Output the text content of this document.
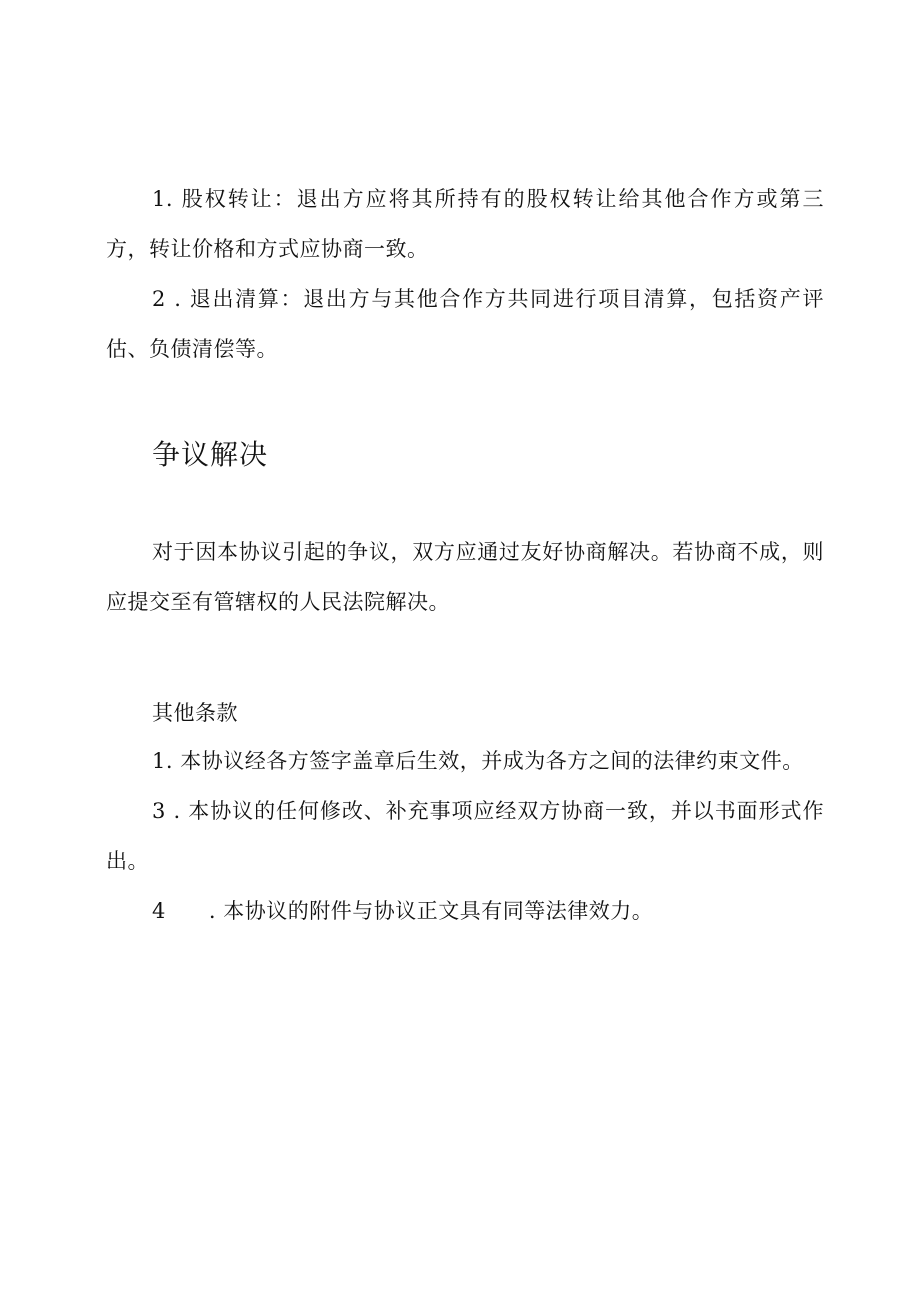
1. 股权转让：退出方应将其所持有的股权转让给其他合作方或第三方，转让价格和方式应协商一致。

2 . 退出清算：退出方与其他合作方共同进行项目清算，包括资产评估、负债清偿等。

争议解决

对于因本协议引起的争议，双方应通过友好协商解决。若协商不成，则应提交至有管辖权的人民法院解决。

其他条款

1. 本协议经各方签字盖章后生效，并成为各方之间的法律约束文件。

3 . 本协议的任何修改、补充事项应经双方协商一致，并以书面形式作出。

4      . 本协议的附件与协议正文具有同等法律效力。
